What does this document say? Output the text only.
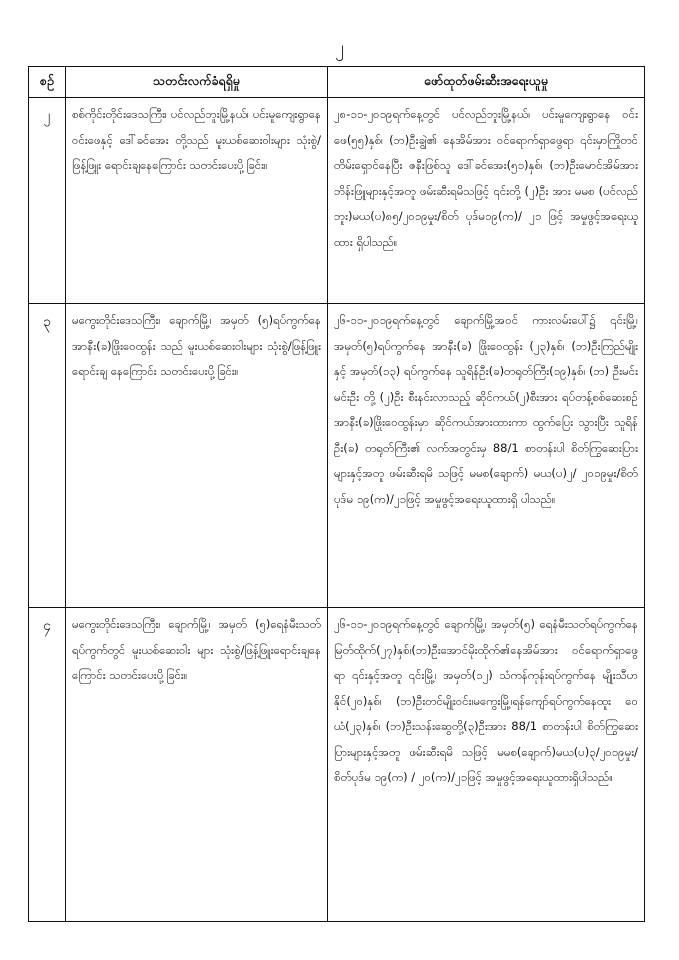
၂
စဉ်	သတင်းလက်ခံရရှိမှု	ဖော်ထုတ်ဖမ်းဆီးအရေးယူမှု
၂	စစ်ကိုင်းတိုင်းဒေသကြီး၊ ပင်လည်ဘူးမြို့နယ်၊ ပင်းမူကျေးရွာနေ ဝင်းဖေနှင့် ဒေါ်ခင်အေး တို့သည် မူးယစ်ဆေးဝါးများ သုံးစွဲ/ဖြန့်ဖြူး ရောင်းချနေကြောင်း သတင်းပေးပို့ခြင်း။	၂၈-၁၁-၂၀၁၉ရက်နေ့တွင် ပင်လည်ဘူးမြို့နယ်၊ ပင်းမူကျေးရွာနေ ဝင်းဖေ(၅၅)နှစ်၊ (ဘ)ဦးချွဲ၏ နေအိမ်အား ဝင်ရောက်ရှာဖွေရာ ၎င်းမှာကြိုတင်တိမ်းရှောင်နေပြီး ဇနီးဖြစ်သူ ဒေါ်ခင်အေး(၅၁)နှစ်၊ (ဘ)ဦးမောင်အိမ်အား ဘိန်းဖြူများနှင့်အတူ ဖမ်းဆီးရမိသဖြင့် ၎င်းတို့ (၂)ဦး အား မမစ (ပင်လည်ဘူး)မယ(ပ)၈၅/၂၀၁၉မှုး/စိတ် ပုဒ်မ၁၉(က)/ ၂၁ ဖြင့် အမှုဖွင့်အရေးယူထား ရှိပါသည်။
၃	မကွေးတိုင်းဒေသကြီး၊ ချောက်မြို့၊ အမှတ် (၅)ရပ်ကွက်နေ အာနီး(ခ)ဖြိုးဝေထွန်း သည် မူးယစ်ဆေးဝါးများ သုံးစွဲ/ဖြန့်ဖြူးရောင်းချ နေကြောင်း သတင်းပေးပို့ခြင်း။	၂၆-၁၁-၂၀၁၉ရက်နေ့တွင် ချောက်မြို့အဝင် ကားလမ်းပေါ်၌ ၎င်းမြို့၊ အမှတ်(၅)ရပ်ကွက်နေ အာနီး(ခ) ဖြိုးဝေထွန်း (၂၃)နှစ်၊ (ဘ)ဦးကြည်မျိုးနှင့် အမှတ်(၁၃) ရပ်ကွက်နေ သူရိန်ဦး(ခ)တရုတ်ကြီး(၁၉)နှစ်၊ (ဘ) ဦးမင်းမင်းဦး တို့ (၂)ဦး စီးနင်းလာသည့် ဆိုင်ကယ်(၂)စီးအား ရပ်တန့်စစ်ဆေးစဉ် အာနီး(ခ)ဖြိုးဝေထွန်းမှာ ဆိုင်ကယ်အားထားကာ ထွက်ပြေး သွားပြီး သူရိန်ဦး(ခ) တရုတ်ကြီး၏ လက်အတွင်းမှ 88/1 စာတန်းပါ စိတ်ကြွဆေးပြားများနှင့်အတူ ဖမ်းဆီးရမိ သဖြင့် မမစ(ချောက်) မယ(ပ)၂/ ၂၀၁၉မှုး/စိတ်ပုဒ်မ ၁၉(က)/၂၁ဖြင့် အမှုဖွင့်အရေးယူထားရှိ ပါသည်။
၄	မကွေးတိုင်းဒေသကြီး၊ ချောက်မြို့၊ အမှတ် (၅)ရေနံမီးသတ်ရပ်ကွက်တွင် မူးယစ်ဆေးဝါး များ သုံးစွဲ/ဖြန့်ဖြူးရောင်းချနေကြောင်း သတင်းပေးပို့ခြင်း။	၂၆-၁၁-၂၀၁၉ရက်နေ့တွင် ချောက်မြို့၊ အမှတ်(၅) ရေနံမီးသတ်ရပ်ကွက်နေ မြတ်ထိုက်(၂၇)နှစ်၊(ဘ)ဦးအောင်မိုးထိုက်၏နေအိမ်အား ဝင်ရောက်ရှာဖွေရာ ၎င်းနှင့်အတူ ၎င်းမြို့၊ အမှတ်(၁၂) သံကန်ကုန်းရပ်ကွက်နေ မျိုးသီဟနိုင်(၂၀)နှစ်၊ (ဘ)ဦးတင်မျိုးဝင်း၊မကွေးမြို့၊ရန်ကျော်ရပ်ကွက်နေထူး ဝေယံ(၂၃)နှစ်၊ (ဘ)ဦးသန်းဆွေတို့(၃)ဦးအား 88/1 စာတန်းပါ စိတ်ကြွဆေးပြားများနှင့်အတူ ဖမ်းဆီးရမိ သဖြင့် မမစ(ချောက်)မယ(ပ)၃/၂၀၁၉မှုး/စိတ်ပုဒ်မ ၁၉(က) / ၂၀(က)/၂၁ဖြင့် အမှုဖွင့်အရေးယူထားရှိပါသည်။
